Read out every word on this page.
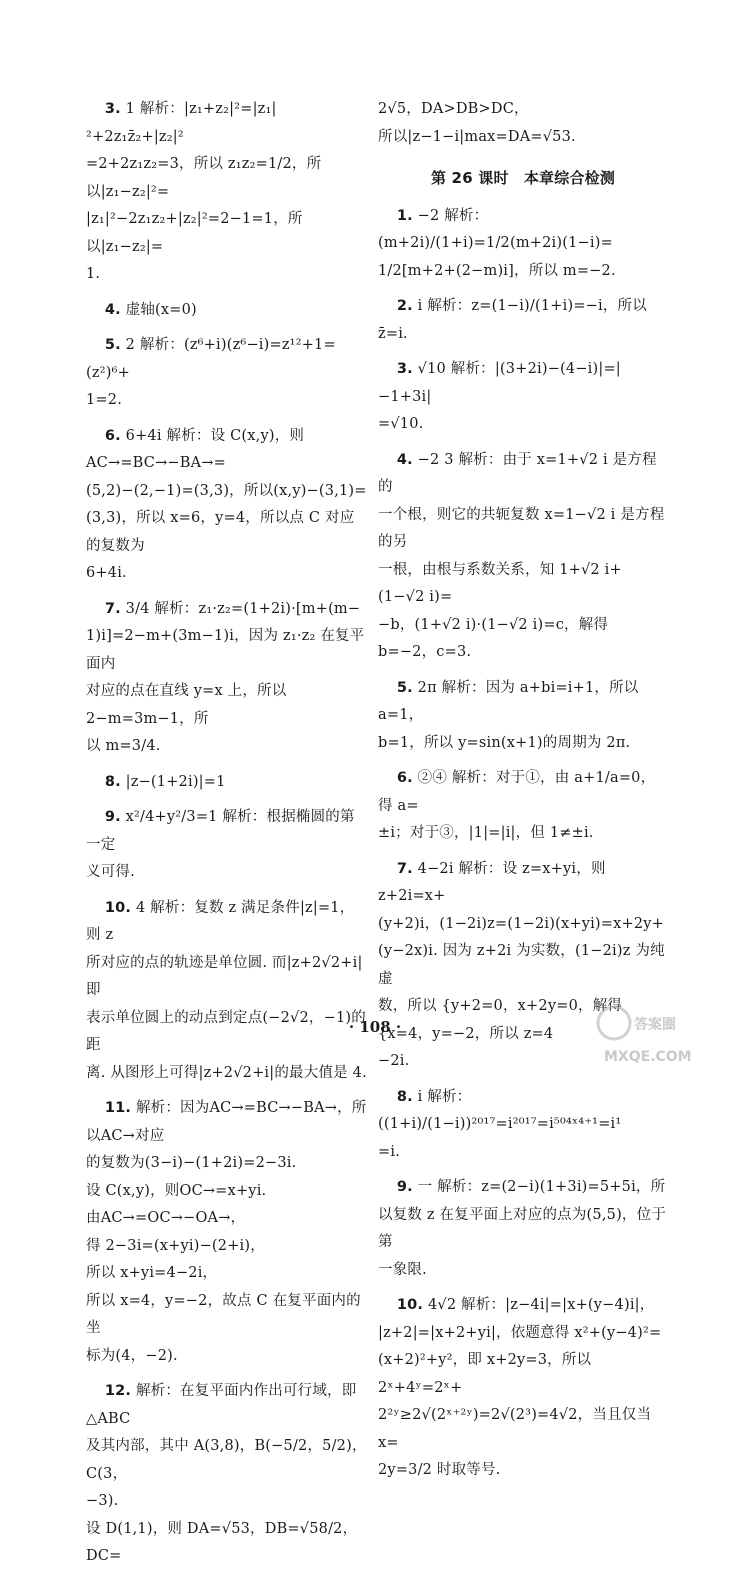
3. 1 解析：|z₁+z₂|²=|z₁|²+2z₁z̄₂+|z₂|²
=2+2z₁z₂=3，所以 z₁z₂=1/2，所以|z₁−z₂|²=
|z₁|²−2z₁z₂+|z₂|²=2−1=1，所以|z₁−z₂|=
1.
4. 虚轴(x=0)
5. 2 解析：(z⁶+i)(z⁶−i)=z¹²+1=(z²)⁶+
1=2.
6. 6+4i 解析：设 C(x,y)，则 AC→=BC→−BA→=
(5,2)−(2,−1)=(3,3)，所以(x,y)−(3,1)=
(3,3)，所以 x=6，y=4，所以点 C 对应的复数为
6+4i.
7. 3/4 解析：z₁·z₂=(1+2i)·[m+(m−
1)i]=2−m+(3m−1)i，因为 z₁·z₂ 在复平面内
对应的点在直线 y=x 上，所以 2−m=3m−1，所
以 m=3/4.
8. |z−(1+2i)|=1
9. x²/4+y²/3=1 解析：根据椭圆的第一定
义可得.
10. 4 解析：复数 z 满足条件|z|=1，则 z
所对应的点的轨迹是单位圆. 而|z+2√2+i|即
表示单位圆上的动点到定点(−2√2，−1)的距
离. 从图形上可得|z+2√2+i|的最大值是 4.
11. 解析：因为AC→=BC→−BA→，所以AC→对应
的复数为(3−i)−(1+2i)=2−3i.
设 C(x,y)，则OC→=x+yi.
由AC→=OC→−OA→，
得 2−3i=(x+yi)−(2+i)，
所以 x+yi=4−2i，
所以 x=4，y=−2，故点 C 在复平面内的坐
标为(4，−2).
12. 解析：在复平面内作出可行域，即△ABC
及其内部，其中 A(3,8)，B(−5/2，5/2)，C(3，
−3).
设 D(1,1)，则 DA=√53，DB=√58/2，DC=
2√5，DA>DB>DC，
所以|z−1−i|max=DA=√53.
第 26 课时　本章综合检测
1. −2 解析：(m+2i)/(1+i)=1/2(m+2i)(1−i)=
1/2[m+2+(2−m)i]，所以 m=−2.
2. i 解析：z=(1−i)/(1+i)=−i，所以 z̄=i.
3. √10 解析：|(3+2i)−(4−i)|=|−1+3i|
=√10.
4. −2 3 解析：由于 x=1+√2 i 是方程的
一个根，则它的共轭复数 x=1−√2 i 是方程的另
一根，由根与系数关系，知 1+√2 i+(1−√2 i)=
−b，(1+√2 i)·(1−√2 i)=c，解得 b=−2，c=3.
5. 2π 解析：因为 a+bi=i+1，所以 a=1，
b=1，所以 y=sin(x+1)的周期为 2π.
6. ②④ 解析：对于①，由 a+1/a=0，得 a=
±i；对于③，|1|=|i|，但 1≠±i.
7. 4−2i 解析：设 z=x+yi，则 z+2i=x+
(y+2)i，(1−2i)z=(1−2i)(x+yi)=x+2y+
(y−2x)i. 因为 z+2i 为实数，(1−2i)z 为纯虚
数，所以 {y+2=0，x+2y=0，解得 {x=4，y=−2，所以 z=4
−2i.
8. i 解析：((1+i)/(1−i))²⁰¹⁷=i²⁰¹⁷=i⁵⁰⁴ˣ⁴⁺¹=i¹
=i.
9. 一 解析：z=(2−i)(1+3i)=5+5i，所
以复数 z 在复平面上对应的点为(5,5)，位于第
一象限.
10. 4√2 解析：|z−4i|=|x+(y−4)i|，
|z+2|=|x+2+yi|，依题意得 x²+(y−4)²=
(x+2)²+y²，即 x+2y=3，所以 2ˣ+4ʸ=2ˣ+
2²ʸ≥2√(2ˣ⁺²ʸ)=2√(2³)=4√2，当且仅当 x=
2y=3/2 时取等号.
· 108 ·	答案圈
MXQE.COM
